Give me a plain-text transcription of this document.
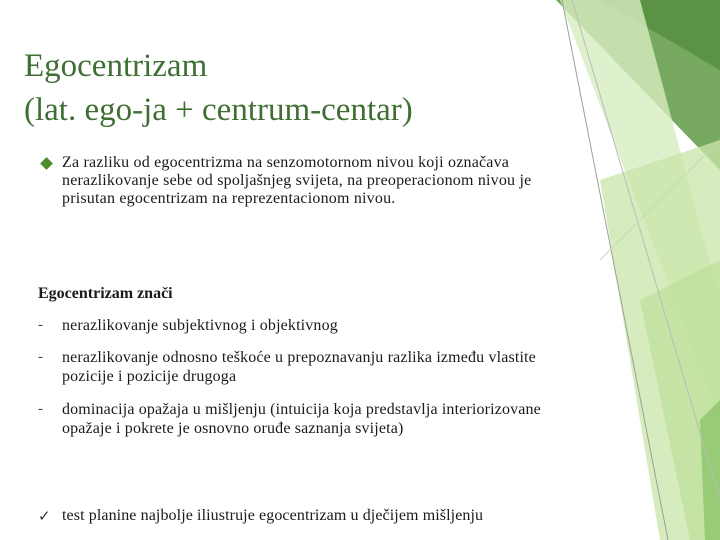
Egocentrizam
(lat. ego-ja + centrum-centar)
Za razliku od egocentrizma na senzomotornom nivou koji označava nerazlikovanje sebe od spoljašnjeg svijeta, na preoperacionom nivou je prisutan egocentrizam na reprezentacionom nivou.
Egocentrizam znači
- nerazlikovanje subjektivnog i objektivnog
- nerazlikovanje odnosno teškoće u prepoznavanju razlika između vlastite pozicije i pozicije drugoga
- dominacija opažaja u mišljenju (intuicija koja predstavlja interiorizovane opažaje i pokrete je osnovno oruđe saznanja svijeta)
✓ test planine najbolje iliustruje egocentrizam u dječijem mišljenju
